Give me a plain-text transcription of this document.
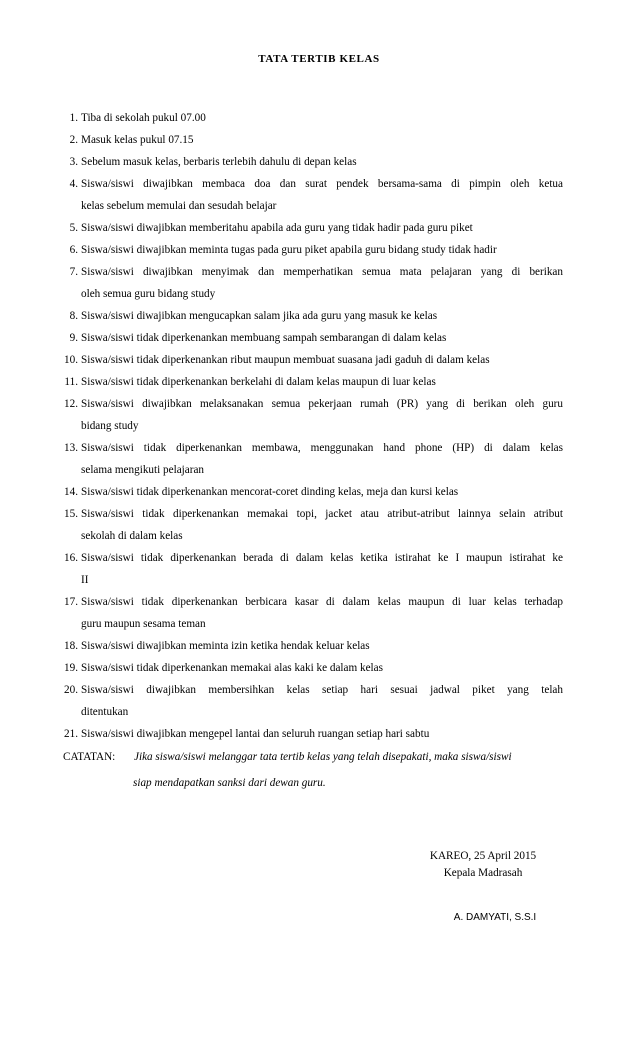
TATA TERTIB KELAS
1. Tiba di sekolah pukul 07.00

2. Masuk kelas pukul 07.15

3. Sebelum masuk kelas, berbaris terlebih dahulu di depan kelas

4. Siswa/siswi diwajibkan membaca doa dan surat pendek bersama-sama di pimpin oleh ketua

kelas sebelum memulai dan sesudah belajar

5. Siswa/siswi diwajibkan memberitahu apabila ada guru yang tidak hadir pada guru piket

6. Siswa/siswi diwajibkan meminta tugas pada guru piket apabila guru bidang study tidak hadir

7. Siswa/siswi diwajibkan menyimak dan memperhatikan semua mata pelajaran yang di berikan

oleh semua guru bidang study

8. Siswa/siswi diwajibkan mengucapkan salam jika ada guru yang masuk ke kelas

9. Siswa/siswi tidak diperkenankan membuang sampah sembarangan di dalam kelas

10. Siswa/siswi tidak diperkenankan ribut maupun membuat suasana jadi gaduh di dalam kelas

11. Siswa/siswi tidak diperkenankan berkelahi di dalam kelas maupun di luar kelas

12. Siswa/siswi diwajibkan melaksanakan semua pekerjaan rumah (PR) yang di berikan oleh guru

bidang study

13. Siswa/siswi tidak diperkenankan membawa, menggunakan hand phone (HP) di dalam kelas

selama mengikuti pelajaran

14. Siswa/siswi tidak diperkenankan mencorat-coret dinding kelas, meja dan kursi kelas

15. Siswa/siswi tidak diperkenankan memakai topi, jacket atau atribut-atribut lainnya selain atribut

sekolah di dalam kelas

16. Siswa/siswi tidak diperkenankan berada di dalam kelas ketika istirahat ke I maupun istirahat ke

II

17. Siswa/siswi tidak diperkenankan berbicara kasar di dalam kelas maupun di luar kelas terhadap

guru maupun sesama teman

18. Siswa/siswi diwajibkan meminta izin ketika hendak keluar kelas

19. Siswa/siswi tidak diperkenankan memakai alas kaki ke dalam kelas

20. Siswa/siswi diwajibkan membersihkan kelas setiap hari sesuai jadwal piket yang telah

ditentukan

21. Siswa/siswi diwajibkan mengepel lantai dan seluruh ruangan setiap hari sabtu

CATATAN: Jika siswa/siswi melanggar tata tertib kelas yang telah disepakati, maka siswa/siswi
siap mendapatkan sanksi dari dewan guru.
KAREO, 25 April 2015
Kepala Madrasah
A. DAMYATI, S.S.I
